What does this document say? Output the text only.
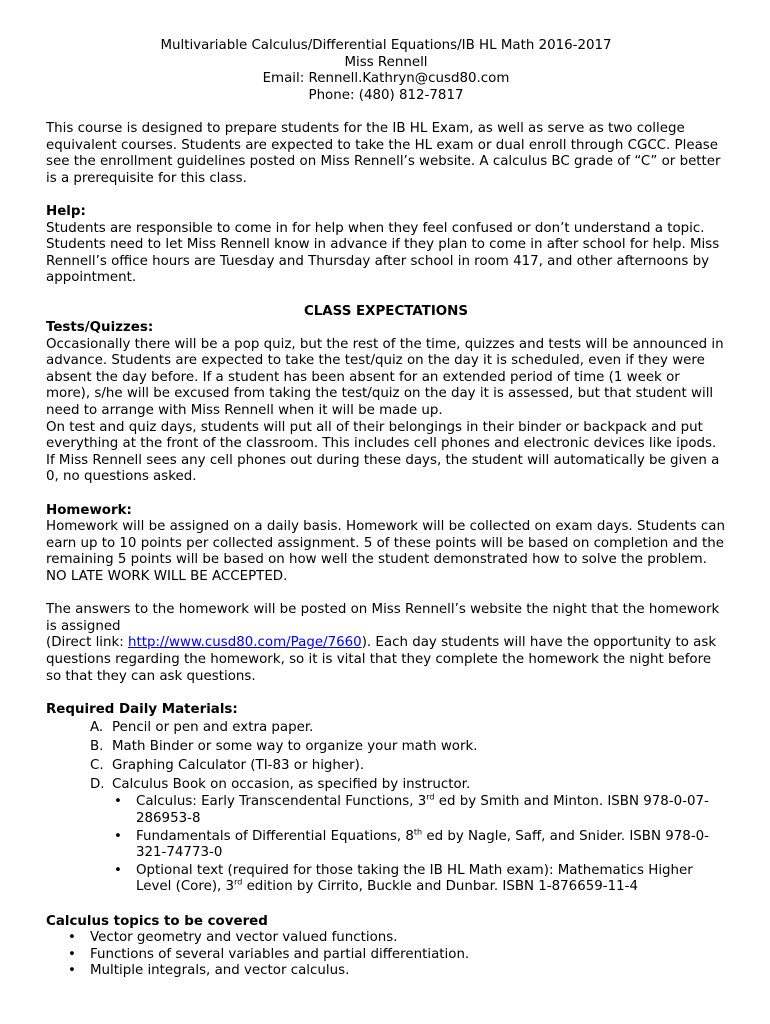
Multivariable Calculus/Differential Equations/IB HL Math 2016-2017
Miss Rennell
Email: Rennell.Kathryn@cusd80.com
Phone: (480) 812-7817

This course is designed to prepare students for the IB HL Exam, as well as serve as two college equivalent courses. Students are expected to take the HL exam or dual enroll through CGCC. Please see the enrollment guidelines posted on Miss Rennell’s website. A calculus BC grade of “C” or better is a prerequisite for this class.

Help:

Students are responsible to come in for help when they feel confused or don’t understand a topic. Students need to let Miss Rennell know in advance if they plan to come in after school for help. Miss Rennell’s office hours are Tuesday and Thursday after school in room 417, and other afternoons by appointment.

CLASS EXPECTATIONS

Tests/Quizzes:

Occasionally there will be a pop quiz, but the rest of the time, quizzes and tests will be announced in advance. Students are expected to take the test/quiz on the day it is scheduled, even if they were absent the day before. If a student has been absent for an extended period of time (1 week or more), s/he will be excused from taking the test/quiz on the day it is assessed, but that student will need to arrange with Miss Rennell when it will be made up.

On test and quiz days, students will put all of their belongings in their binder or backpack and put everything at the front of the classroom. This includes cell phones and electronic devices like ipods. If Miss Rennell sees any cell phones out during these days, the student will automatically be given a 0, no questions asked.

Homework:

Homework will be assigned on a daily basis. Homework will be collected on exam days. Students can earn up to 10 points per collected assignment. 5 of these points will be based on completion and the remaining 5 points will be based on how well the student demonstrated how to solve the problem. NO LATE WORK WILL BE ACCEPTED.

The answers to the homework will be posted on Miss Rennell’s website the night that the homework is assigned

(Direct link: http://www.cusd80.com/Page/7660). Each day students will have the opportunity to ask questions regarding the homework, so it is vital that they complete the homework the night before so that they can ask questions.

Required Daily Materials:

A. Pencil or pen and extra paper.
B. Math Binder or some way to organize your math work.
C. Graphing Calculator (TI-83 or higher).
D. Calculus Book on occasion, as specified by instructor.
• Calculus: Early Transcendental Functions, 3rd ed by Smith and Minton. ISBN 978-0-07-286953-8
• Fundamentals of Differential Equations, 8th ed by Nagle, Saff, and Snider. ISBN 978-0-321-74773-0
• Optional text (required for those taking the IB HL Math exam): Mathematics Higher Level (Core), 3rd edition by Cirrito, Buckle and Dunbar. ISBN 1-876659-11-4

Calculus topics to be covered

• Vector geometry and vector valued functions.
• Functions of several variables and partial differentiation.
• Multiple integrals, and vector calculus.
